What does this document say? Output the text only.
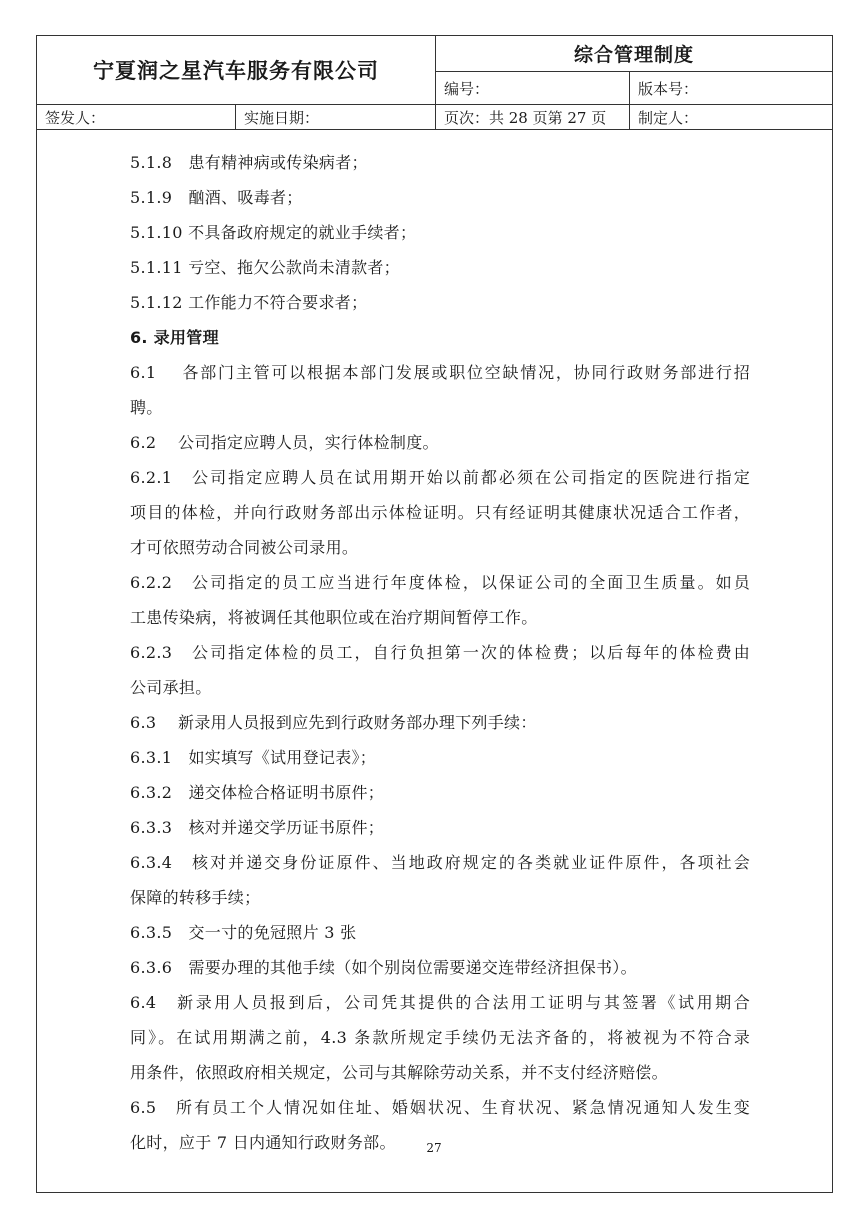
宁夏润之星汽车服务有限公司
综合管理制度
编号：	版本号：
签发人：	实施日期：	页次：共 28 页第 27 页	制定人：
5.1.8　患有精神病或传染病者；
5.1.9　酗酒、吸毒者；
5.1.10 不具备政府规定的就业手续者；
5.1.11 亏空、拖欠公款尚未清款者；
5.1.12 工作能力不符合要求者；
6. 录用管理
6.1　 各部门主管可以根据本部门发展或职位空缺情况，协同行政财务部进行招
聘。
6.2　 公司指定应聘人员，实行体检制度。
6.2.1　公司指定应聘人员在试用期开始以前都必须在公司指定的医院进行指定
项目的体检，并向行政财务部出示体检证明。只有经证明其健康状况适合工作者，
才可依照劳动合同被公司录用。
6.2.2　公司指定的员工应当进行年度体检，以保证公司的全面卫生质量。如员
工患传染病，将被调任其他职位或在治疗期间暂停工作。
6.2.3　公司指定体检的员工，自行负担第一次的体检费；以后每年的体检费由
公司承担。
6.3　 新录用人员报到应先到行政财务部办理下列手续：
6.3.1　如实填写《试用登记表》；
6.3.2　递交体检合格证明书原件；
6.3.3　核对并递交学历证书原件；
6.3.4　核对并递交身份证原件、当地政府规定的各类就业证件原件，各项社会
保障的转移手续；
6.3.5　交一寸的免冠照片 3 张
6.3.6　需要办理的其他手续（如个别岗位需要递交连带经济担保书）。
6.4　新录用人员报到后，公司凭其提供的合法用工证明与其签署《试用期合
同》。在试用期满之前，4.3 条款所规定手续仍无法齐备的，将被视为不符合录
用条件，依照政府相关规定，公司与其解除劳动关系，并不支付经济赔偿。
6.5　所有员工个人情况如住址、婚姻状况、生育状况、紧急情况通知人发生变
化时，应于 7 日内通知行政财务部。	27
